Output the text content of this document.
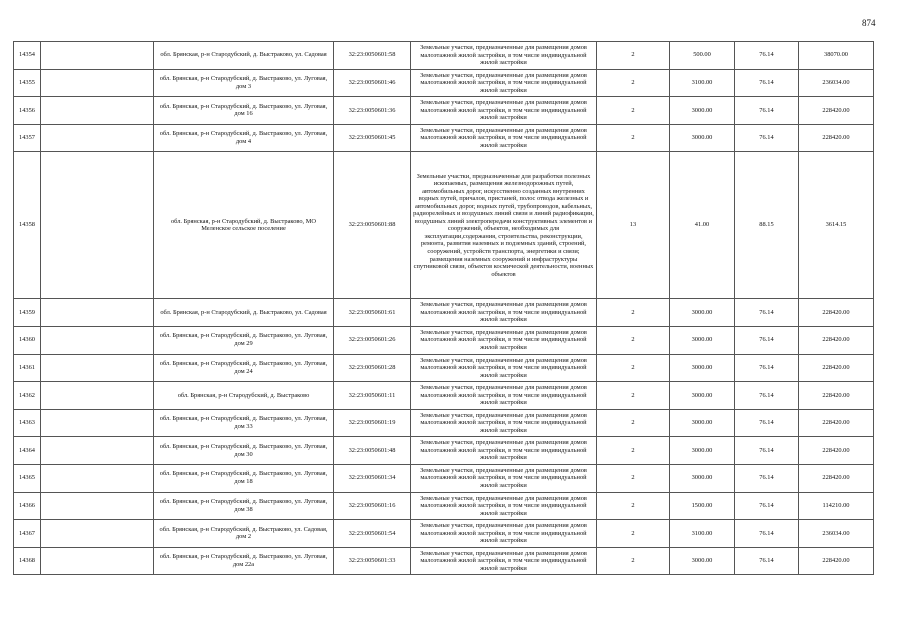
874
14354		обл. Брянская, р-н Стародубский, д. Выстраково, ул. Садовая	32:23:0050601:58	Земельные участки, предназначенные для размещения домов малоэтажной жилой застройки, в том числе индивидуальной жилой застройки	2	500.00	76.14	38070.00
14355		обл. Брянская, р-н Стародубский, д. Выстраково, ул. Луговая, дом 3	32:23:0050601:46	Земельные участки, предназначенные для размещения домов малоэтажной жилой застройки, в том числе индивидуальной жилой застройки	2	3100.00	76.14	236034.00
14356		обл. Брянская, р-н Стародубский, д. Выстраково, ул. Луговая, дом 16	32:23:0050601:36	Земельные участки, предназначенные для размещения домов малоэтажной жилой застройки, в том числе индивидуальной жилой застройки	2	3000.00	76.14	228420.00
14357		обл. Брянская, р-н Стародубский, д. Выстраково, ул. Луговая, дом 4	32:23:0050601:45	Земельные участки, предназначенные для размещения домов малоэтажной жилой застройки, в том числе индивидуальной жилой застройки	2	3000.00	76.14	228420.00
14358		обл. Брянская, р-н Стародубский, д. Выстраково, МО Меленское сельское поселение	32:23:0050601:88	Земельные участки, предназначенные для разработки полезных ископаемых, размещения железнодорожных путей, автомобильных дорог, искусственно созданных внутренних водных путей, причалов, пристаней, полос отвода железных и автомобильных дорог, водных путей, трубопроводов, кабельных, радиорелейных и воздушных линий связи и линий радиофикации, воздушных линий электропередачи конструктивных элементов и сооружений, объектов, необходимых для эксплуатации,содержания, строительства, реконструкции, ремонта, развития наземных и подземных зданий, строений, сооружений, устройств транспорта, энергетики и связи; размещения наземных сооружений и инфраструктуры спутниковой связи, объектов космической деятельности, военных объектов	13	41.00	88.15	3614.15
14359		обл. Брянская, р-н Стародубский, д. Выстраково, ул. Садовая	32:23:0050601:61	Земельные участки, предназначенные для размещения домов малоэтажной жилой застройки, в том числе индивидуальной жилой застройки	2	3000.00	76.14	228420.00
14360		обл. Брянская, р-н Стародубский, д. Выстраково, ул. Луговая, дом 29	32:23:0050601:26	Земельные участки, предназначенные для размещения домов малоэтажной жилой застройки, в том числе индивидуальной жилой застройки	2	3000.00	76.14	228420.00
14361		обл. Брянская, р-н Стародубский, д. Выстраково, ул. Луговая, дом 24	32:23:0050601:28	Земельные участки, предназначенные для размещения домов малоэтажной жилой застройки, в том числе индивидуальной жилой застройки	2	3000.00	76.14	228420.00
14362		обл. Брянская, р-н Стародубский, д. Выстраково	32:23:0050601:11	Земельные участки, предназначенные для размещения домов малоэтажной жилой застройки, в том числе индивидуальной жилой застройки	2	3000.00	76.14	228420.00
14363		обл. Брянская, р-н Стародубский, д. Выстраково, ул. Луговая, дом 33	32:23:0050601:19	Земельные участки, предназначенные для размещения домов малоэтажной жилой застройки, в том числе индивидуальной жилой застройки	2	3000.00	76.14	228420.00
14364		обл. Брянская, р-н Стародубский, д. Выстраково, ул. Луговая, дом 30	32:23:0050601:48	Земельные участки, предназначенные для размещения домов малоэтажной жилой застройки, в том числе индивидуальной жилой застройки	2	3000.00	76.14	228420.00
14365		обл. Брянская, р-н Стародубский, д. Выстраково, ул. Луговая, дом 18	32:23:0050601:34	Земельные участки, предназначенные для размещения домов малоэтажной жилой застройки, в том числе индивидуальной жилой застройки	2	3000.00	76.14	228420.00
14366		обл. Брянская, р-н Стародубский, д. Выстраково, ул. Луговая, дом 38	32:23:0050601:16	Земельные участки, предназначенные для размещения домов малоэтажной жилой застройки, в том числе индивидуальной жилой застройки	2	1500.00	76.14	114210.00
14367		обл. Брянская, р-н Стародубский, д. Выстраково, ул. Садовая, дом 2	32:23:0050601:54	Земельные участки, предназначенные для размещения домов малоэтажной жилой застройки, в том числе индивидуальной жилой застройки	2	3100.00	76.14	236034.00
14368		обл. Брянская, р-н Стародубский, д. Выстраково, ул. Луговая, дом 22а	32:23:0050601:33	Земельные участки, предназначенные для размещения домов малоэтажной жилой застройки, в том числе индивидуальной жилой застройки	2	3000.00	76.14	228420.00
